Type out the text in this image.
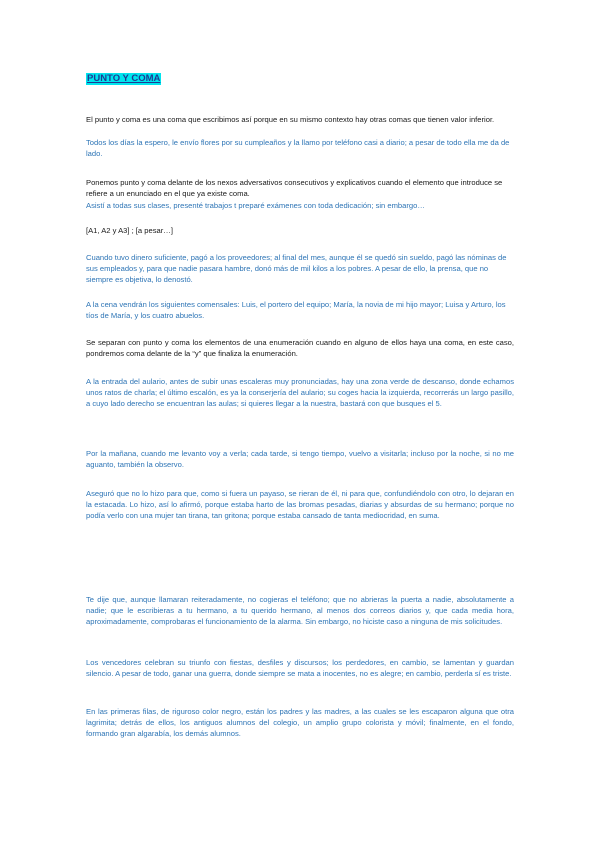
PUNTO Y COMA

El punto y coma es una coma que escribimos así porque en su mismo contexto hay otras comas que tienen valor inferior.

Todos los días la espero, le envío flores por su cumpleaños y la llamo por teléfono casi a diario; a pesar de todo ella me da de lado.

Ponemos punto y coma delante de los nexos adversativos consecutivos y explicativos cuando el elemento que introduce se refiere a un enunciado en el que ya existe coma.

Asistí a todas sus clases, presenté trabajos t preparé exámenes con toda dedicación; sin embargo…

[A1, A2 y A3] ; [a pesar…]

Cuando tuvo dinero suficiente, pagó a los proveedores; al final del mes, aunque él se quedó sin sueldo, pagó las nóminas de sus empleados y, para que nadie pasara hambre, donó más de mil kilos a los pobres. A pesar de ello, la prensa, que no siempre es objetiva, lo denostó.

A la cena vendrán los siguientes comensales: Luis, el portero del equipo; María, la novia de mi hijo mayor; Luisa y Arturo, los tíos de María, y los cuatro abuelos.

Se separan con punto y coma los elementos de una enumeración cuando en alguno de ellos haya una coma, en este caso, pondremos coma delante de la “y” que finaliza la enumeración.

A la entrada del aulario, antes de subir unas escaleras muy pronunciadas, hay una zona verde de descanso, donde echamos unos ratos de charla; el último escalón, es ya la conserjería del aulario; su coges hacia la izquierda, recorrerás un largo pasillo, a cuyo lado derecho se encuentran las aulas; si quieres llegar a la nuestra, bastará con que busques el 5.

Por la mañana, cuando me levanto voy a verla; cada tarde, si tengo tiempo, vuelvo a visitarla; incluso por la noche, si no me aguanto, también la observo.

Aseguró que no lo hizo para que, como si fuera un payaso, se rieran de él, ni para que, confundiéndolo con otro, lo dejaran en la estacada. Lo hizo, así lo afirmó, porque estaba harto de las bromas pesadas, diarias y absurdas de su hermano; porque no podía verlo con una mujer tan tirana, tan gritona; porque estaba cansado de tanta mediocridad, en suma.

Te dije que, aunque llamaran reiteradamente, no cogieras el teléfono; que no abrieras la puerta a nadie, absolutamente a nadie; que le escribieras a tu hermano, a tu querido hermano, al menos dos correos diarios y, que cada media hora, aproximadamente, comprobaras el funcionamiento de la alarma. Sin embargo, no hiciste caso a ninguna de mis solicitudes.

Los vencedores celebran su triunfo con fiestas, desfiles y discursos; los perdedores, en cambio, se lamentan y guardan silencio. A pesar de todo, ganar una guerra, donde siempre se mata a inocentes, no es alegre; en cambio, perderla sí es triste.

En las primeras filas, de riguroso color negro, están los padres y las madres, a las cuales se les escaparon alguna que otra lagrimita; detrás de ellos, los antiguos alumnos del colegio, un amplio grupo colorista y móvil; finalmente, en el fondo, formando gran algarabía, los demás alumnos.
